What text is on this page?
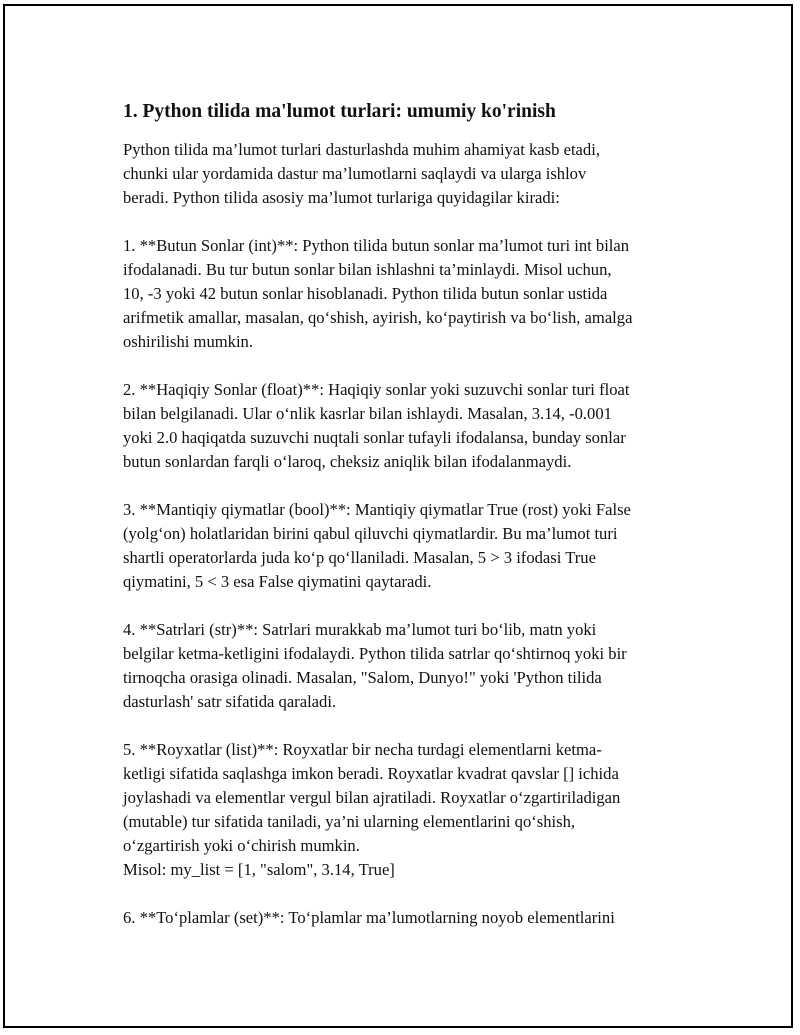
1. Python tilida ma'lumot turlari: umumiy ko'rinish

Python tilida ma’lumot turlari dasturlashda muhim ahamiyat kasb etadi,
chunki ular yordamida dastur ma’lumotlarni saqlaydi va ularga ishlov
beradi. Python tilida asosiy ma’lumot turlariga quyidagilar kiradi:

1. **Butun Sonlar (int)**: Python tilida butun sonlar ma’lumot turi int bilan
ifodalanadi. Bu tur butun sonlar bilan ishlashni ta’minlaydi. Misol uchun,
10, -3 yoki 42 butun sonlar hisoblanadi. Python tilida butun sonlar ustida
arifmetik amallar, masalan, qo‘shish, ayirish, ko‘paytirish va bo‘lish, amalga
oshirilishi mumkin.

2. **Haqiqiy Sonlar (float)**: Haqiqiy sonlar yoki suzuvchi sonlar turi float
bilan belgilanadi. Ular o‘nlik kasrlar bilan ishlaydi. Masalan, 3.14, -0.001
yoki 2.0 haqiqatda suzuvchi nuqtali sonlar tufayli ifodalansa, bunday sonlar
butun sonlardan farqli o‘laroq, cheksiz aniqlik bilan ifodalanmaydi.

3. **Mantiqiy qiymatlar (bool)**: Mantiqiy qiymatlar True (rost) yoki False
(yolg‘on) holatlaridan birini qabul qiluvchi qiymatlardir. Bu ma’lumot turi
shartli operatorlarda juda ko‘p qo‘llaniladi. Masalan, 5 > 3 ifodasi True
qiymatini, 5 < 3 esa False qiymatini qaytaradi.

4. **Satrlari (str)**: Satrlari murakkab ma’lumot turi bo‘lib, matn yoki
belgilar ketma-ketligini ifodalaydi. Python tilida satrlar qo‘shtirnoq yoki bir
tirnoqcha orasiga olinadi. Masalan, "Salom, Dunyo!" yoki 'Python tilida
dasturlash' satr sifatida qaraladi.

5. **Royxatlar (list)**: Royxatlar bir necha turdagi elementlarni ketma-
ketligi sifatida saqlashga imkon beradi. Royxatlar kvadrat qavslar [] ichida
joylashadi va elementlar vergul bilan ajratiladi. Royxatlar o‘zgartiriladigan
(mutable) tur sifatida taniladi, ya’ni ularning elementlarini qo‘shish,
o‘zgartirish yoki o‘chirish mumkin.
Misol: my_list = [1, "salom", 3.14, True]

6. **To‘plamlar (set)**: To‘plamlar ma’lumotlarning noyob elementlarini
